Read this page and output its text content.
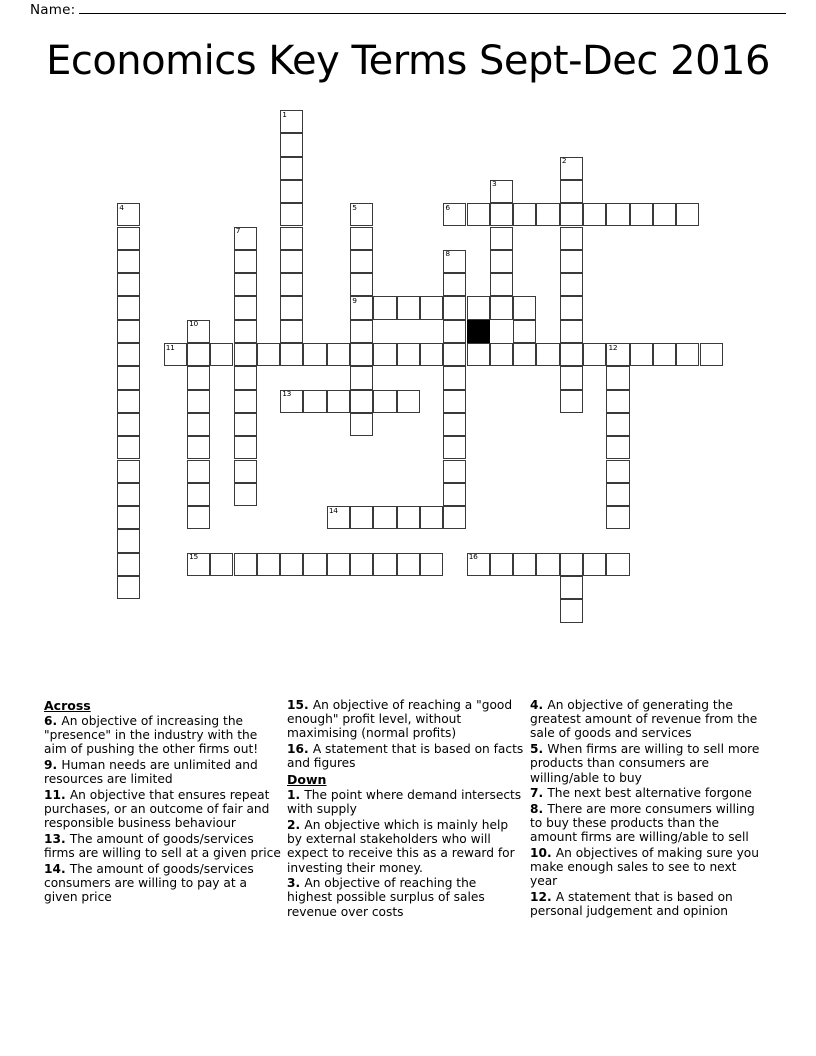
Name:
Economics Key Terms Sept-Dec 2016
1
2
3
4	5
9
6
7
8
10
11	12
13
14
15	16
Across

6. An objective of increasing the "presence" in the industry with the aim of pushing the other firms out!

9. Human needs are unlimited and resources are limited

11. An objective that ensures repeat purchases, or an outcome of fair and responsible business behaviour

13. The amount of goods/services firms are willing to sell at a given price

14. The amount of goods/services consumers are willing to pay at a given price

15. An objective of reaching a "good enough" profit level, without maximising (normal profits)

16. A statement that is based on facts and figures

Down

1. The point where demand intersects with supply

2. An objective which is mainly help by external stakeholders who will expect to receive this as a reward for investing their money.

3. An objective of reaching the highest possible surplus of sales revenue over costs

4. An objective of generating the greatest amount of revenue from the sale of goods and services

5. When firms are willing to sell more products than consumers are willing/able to buy

7. The next best alternative forgone

8. There are more consumers willing to buy these products than the amount firms are willing/able to sell

10. An objectives of making sure you make enough sales to see to next year

12. A statement that is based on personal judgement and opinion
